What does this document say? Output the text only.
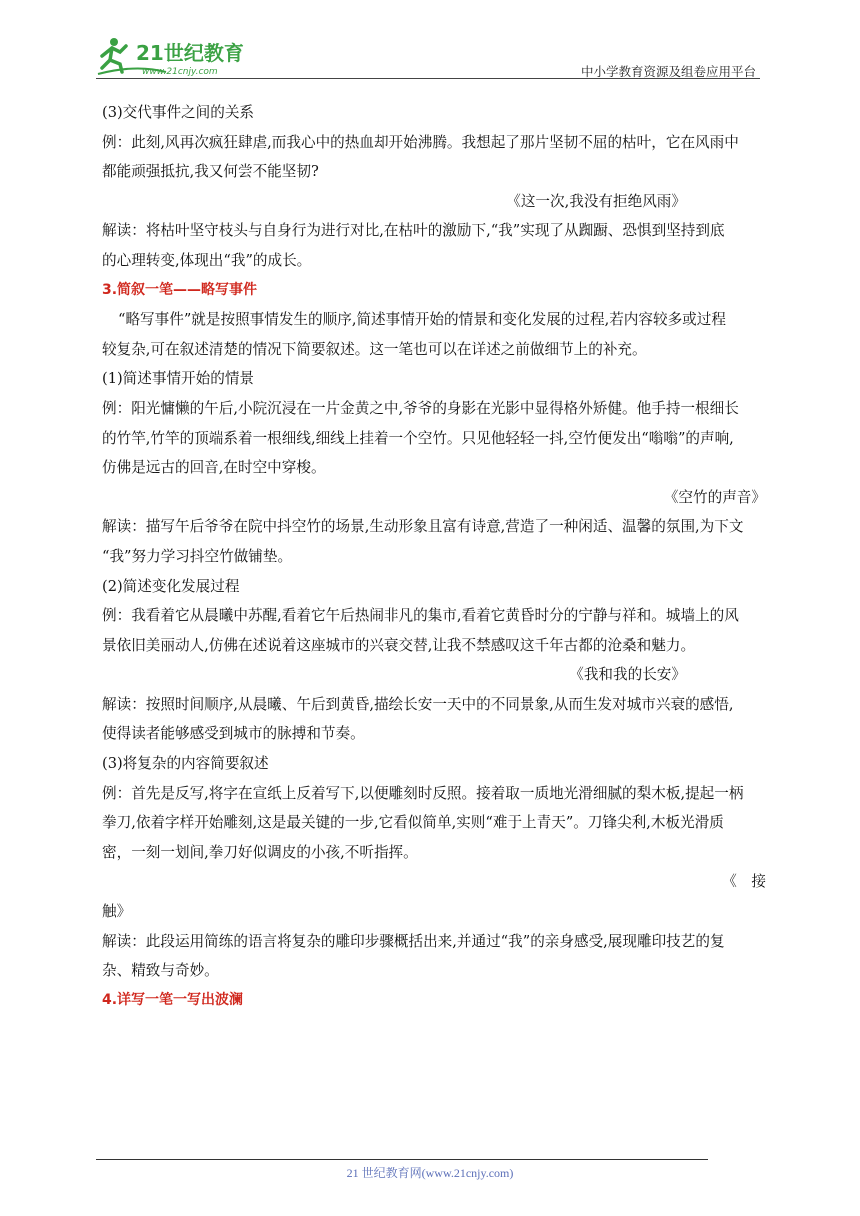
21世纪教育
www.21cnjy.com	中小学教育资源及组卷应用平台
(3)交代事件之间的关系
例：此刻,风再次疯狂肆虐,而我心中的热血却开始沸腾。我想起了那片坚韧不屈的枯叶，它在风雨中
都能顽强抵抗,我又何尝不能坚韧?
《这一次,我没有拒绝风雨》
解读：将枯叶坚守枝头与自身行为进行对比,在枯叶的激励下,“我”实现了从踟蹰、恐惧到坚持到底
的心理转变,体现出“我”的成长。
3.简叙一笔——略写事件
“略写事件”就是按照事情发生的顺序,简述事情开始的情景和变化发展的过程,若内容较多或过程
较复杂,可在叙述清楚的情况下简要叙述。这一笔也可以在详述之前做细节上的补充。
(1)简述事情开始的情景
例：阳光慵懒的午后,小院沉浸在一片金黄之中,爷爷的身影在光影中显得格外矫健。他手持一根细长
的竹竿,竹竿的顶端系着一根细线,细线上挂着一个空竹。只见他轻轻一抖,空竹便发出“嗡嗡”的声响,
仿佛是远古的回音,在时空中穿梭。
《空竹的声音》
解读：描写午后爷爷在院中抖空竹的场景,生动形象且富有诗意,营造了一种闲适、温馨的氛围,为下文
“我”努力学习抖空竹做铺垫。
(2)简述变化发展过程
例：我看着它从晨曦中苏醒,看着它午后热闹非凡的集市,看着它黄昏时分的宁静与祥和。城墙上的风
景依旧美丽动人,仿佛在述说着这座城市的兴衰交替,让我不禁感叹这千年古都的沧桑和魅力。
《我和我的长安》
解读：按照时间顺序,从晨曦、午后到黄昏,描绘长安一天中的不同景象,从而生发对城市兴衰的感悟,
使得读者能够感受到城市的脉搏和节奏。
(3)将复杂的内容简要叙述
例：首先是反写,将字在宣纸上反着写下,以便雕刻时反照。接着取一质地光滑细腻的梨木板,提起一柄
拳刀,依着字样开始雕刻,这是最关键的一步,它看似简单,实则“难于上青天”。刀锋尖利,木板光滑质
密，一刻一划间,拳刀好似调皮的小孩,不听指挥。
《　接
触》
解读：此段运用简练的语言将复杂的雕印步骤概括出来,并通过“我”的亲身感受,展现雕印技艺的复
杂、精致与奇妙。
4.详写一笔一写出波澜
21 世纪教育网(www.21cnjy.com)
